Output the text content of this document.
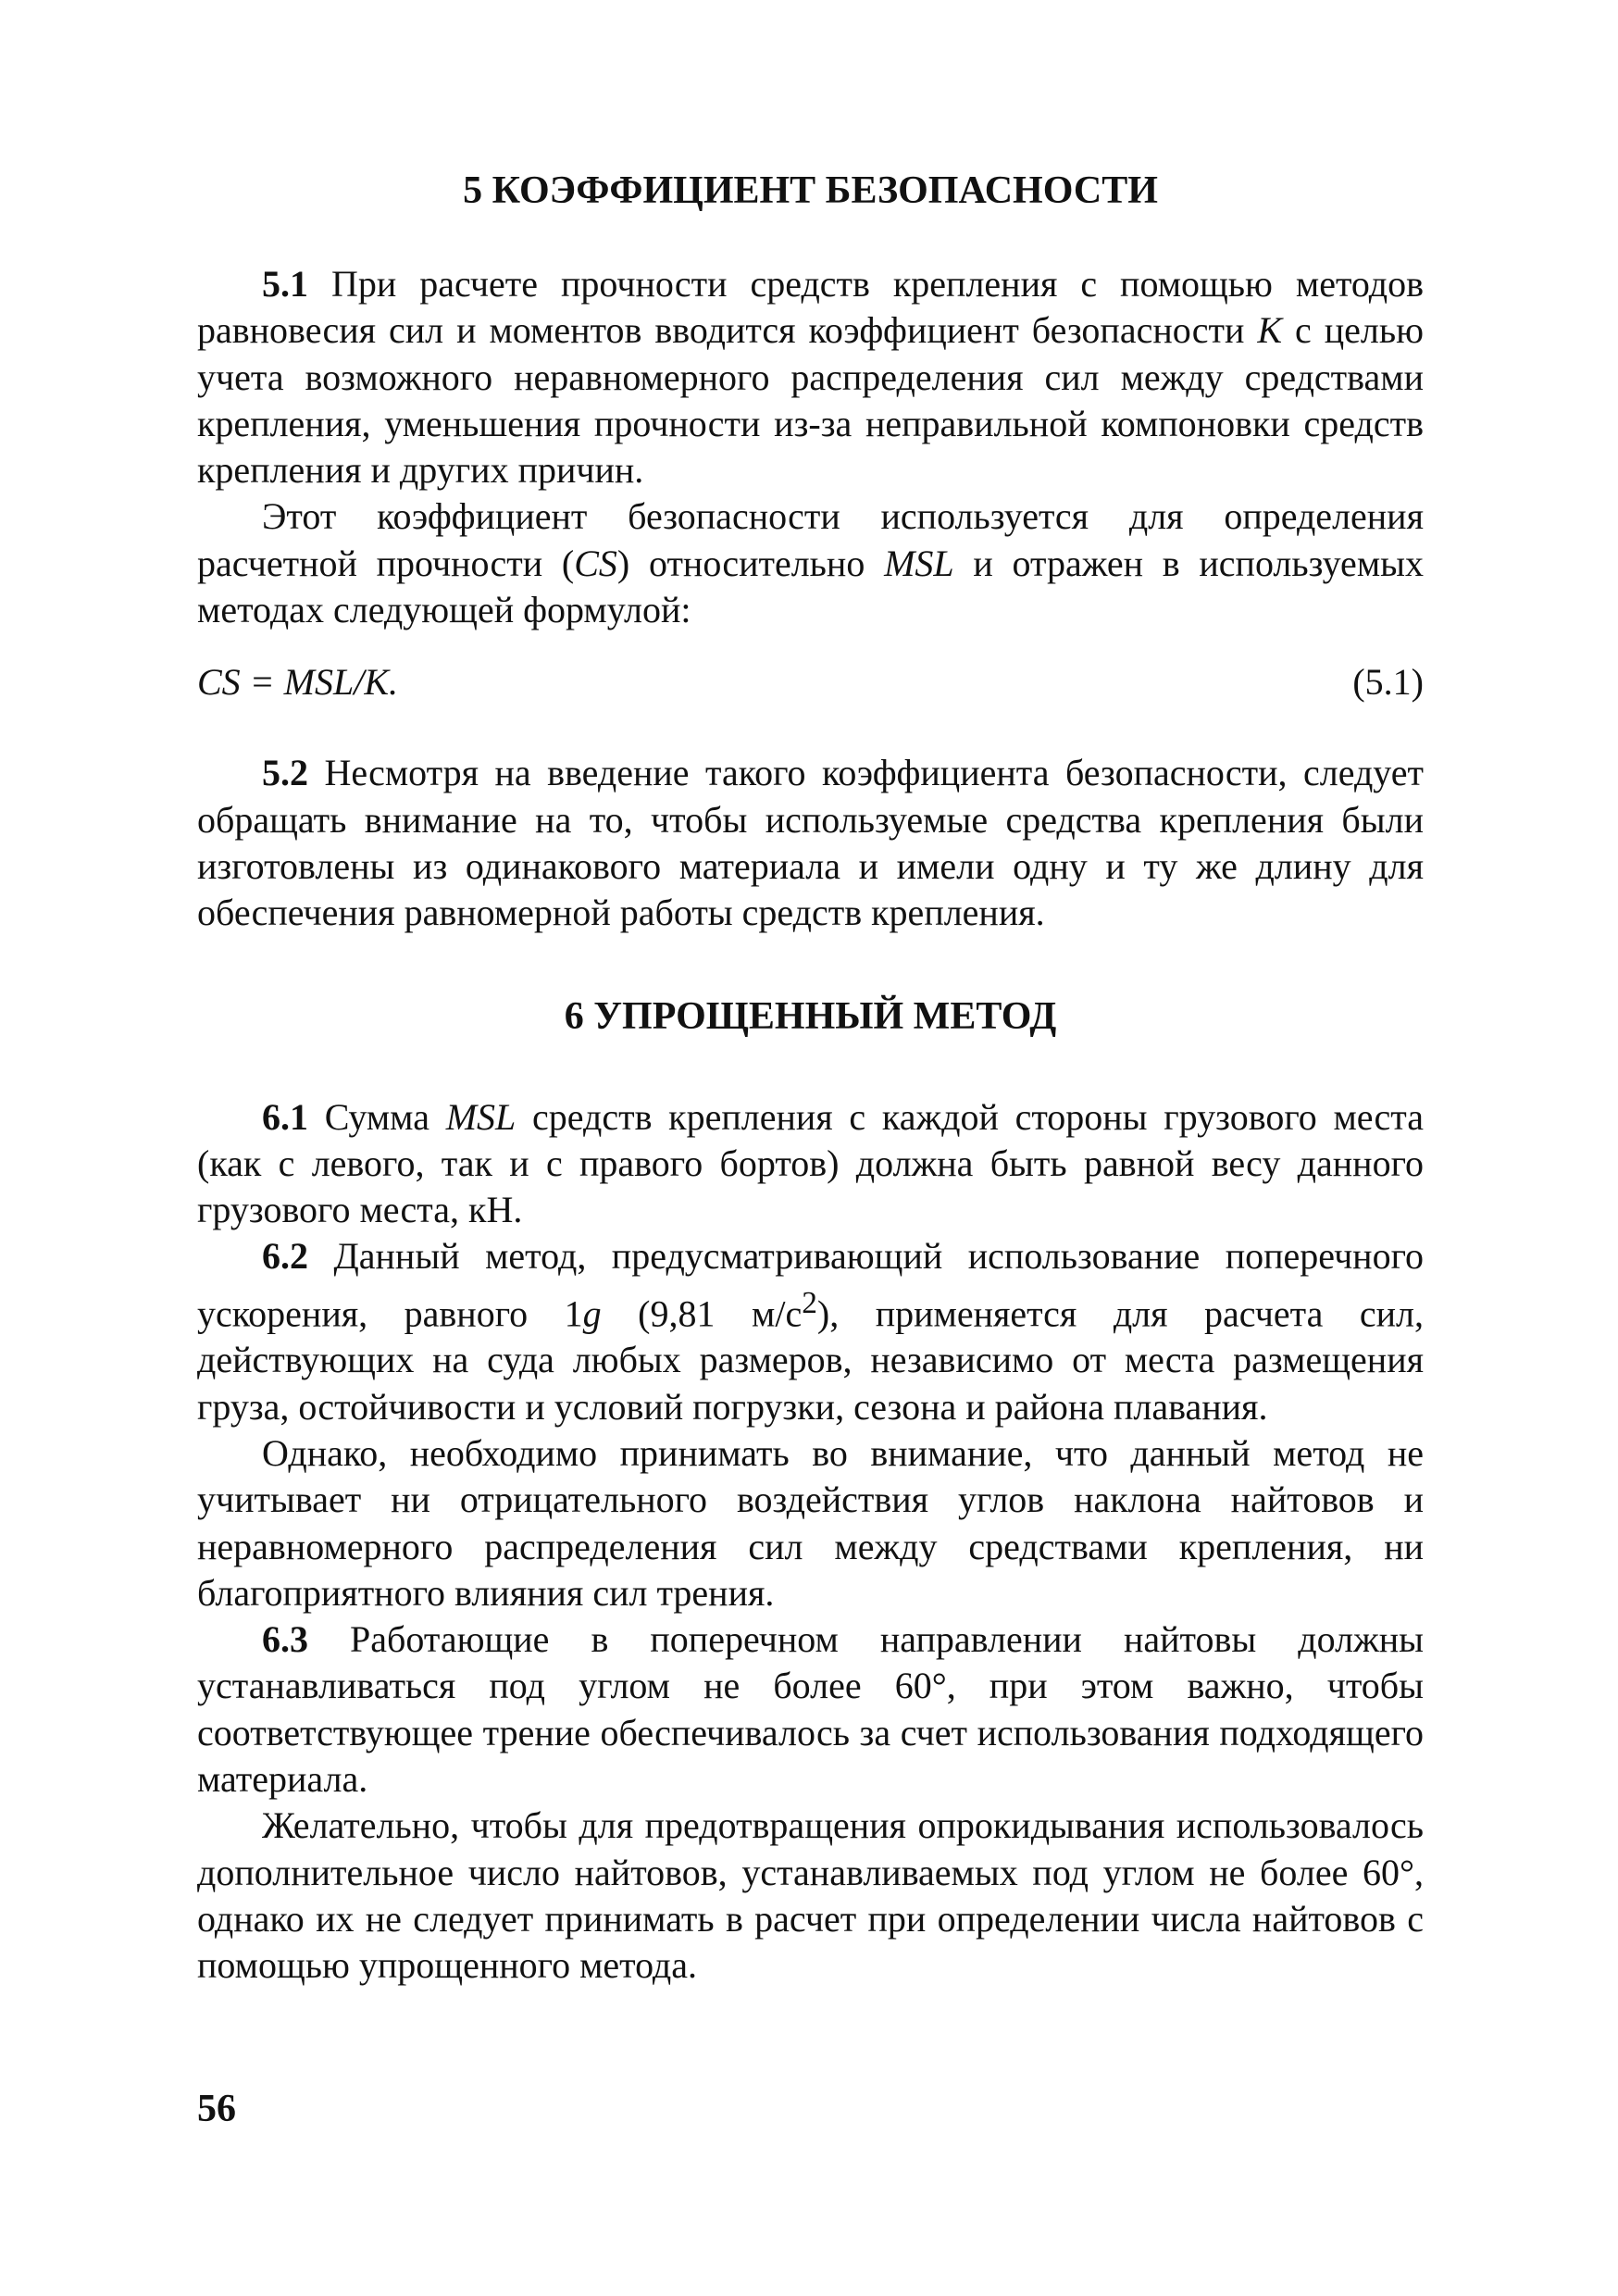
5 КОЭФФИЦИЕНТ БЕЗОПАСНОСТИ

5.1 При расчете прочности средств крепления с помощью методов равновесия сил и моментов вводится коэффициент безопасности K с целью учета возможного неравномерного распределения сил между средствами крепления, уменьшения прочности из-за неправильной компоновки средств крепления и других причин.

Этот коэффициент безопасности используется для определения расчетной прочности (CS) относительно MSL и отражен в используемых методах следующей формулой:

CS = MSL/K.	(5.1)

5.2 Несмотря на введение такого коэффициента безопасности, следует обращать внимание на то, чтобы используемые средства крепления были изготовлены из одинакового материала и имели одну и ту же длину для обеспечения равномерной работы средств крепления.

6 УПРОЩЕННЫЙ МЕТОД

6.1 Сумма MSL средств крепления с каждой стороны грузового места (как с левого, так и с правого бортов) должна быть равной весу данного грузового места, кН.

6.2 Данный метод, предусматривающий использование поперечного ускорения, равного 1g (9,81 $м/с^2$), применяется для расчета сил, действующих на суда любых размеров, независимо от места размещения груза, остойчивости и условий погрузки, сезона и района плавания.

Однако, необходимо принимать во внимание, что данный метод не учитывает ни отрицательного воздействия углов наклона найтовов и неравномерного распределения сил между средствами крепления, ни благоприятного влияния сил трения.

6.3 Работающие в поперечном направлении найтовы должны устанавливаться под углом не более 60°, при этом важно, чтобы соответствующее трение обеспечивалось за счет использования подходящего материала.

Желательно, чтобы для предотвращения опрокидывания использовалось дополнительное число найтовов, устанавливаемых под углом не более 60°, однако их не следует принимать в расчет при определении числа найтовов с помощью упрощенного метода.

56
